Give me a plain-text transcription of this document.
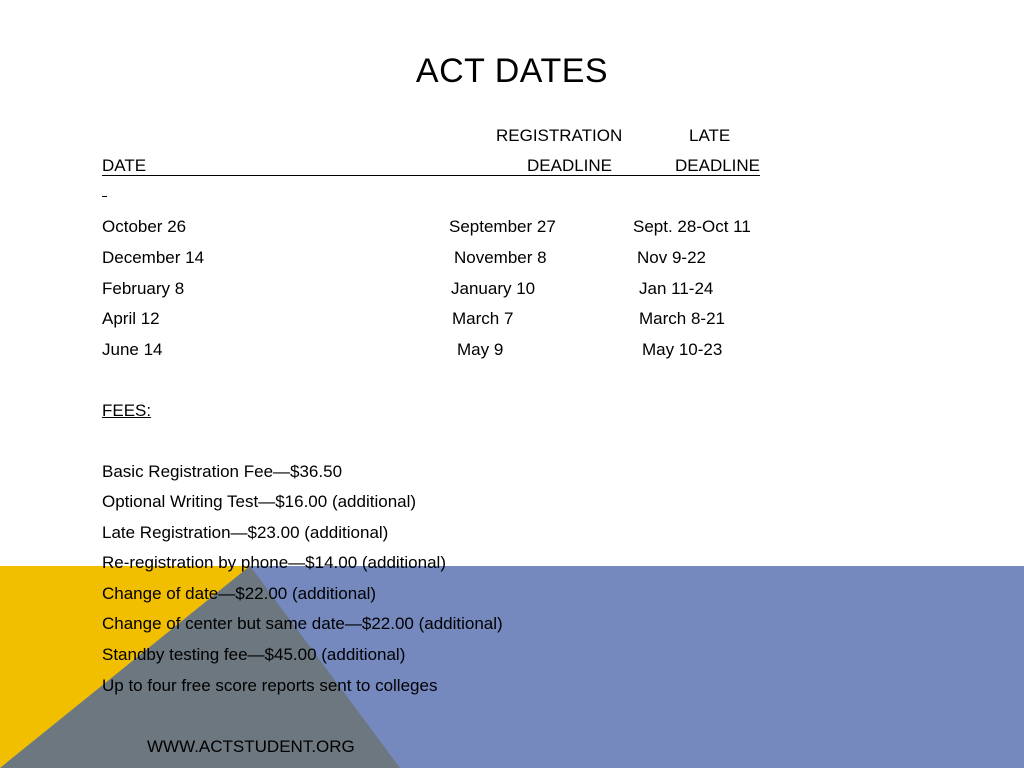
ACT DATES
REGISTRATION	LATE
DATE	DEADLINE	DEADLINE
October 26	September 27	Sept. 28-Oct 11
December 14	November 8	Nov 9-22
February 8	January 10	Jan 11-24
April 12	March 7	March 8-21
June 14	May 9	May 10-23
FEES:
Basic Registration Fee—$36.50
Optional Writing Test—$16.00 (additional)
Late Registration—$23.00 (additional)
Re-registration by phone—$14.00 (additional)
Change of date—$22.00 (additional)
Change of center but same date—$22.00 (additional)
Standby testing fee—$45.00 (additional)
Up to four free score reports sent to colleges
WWW.ACTSTUDENT.ORG
